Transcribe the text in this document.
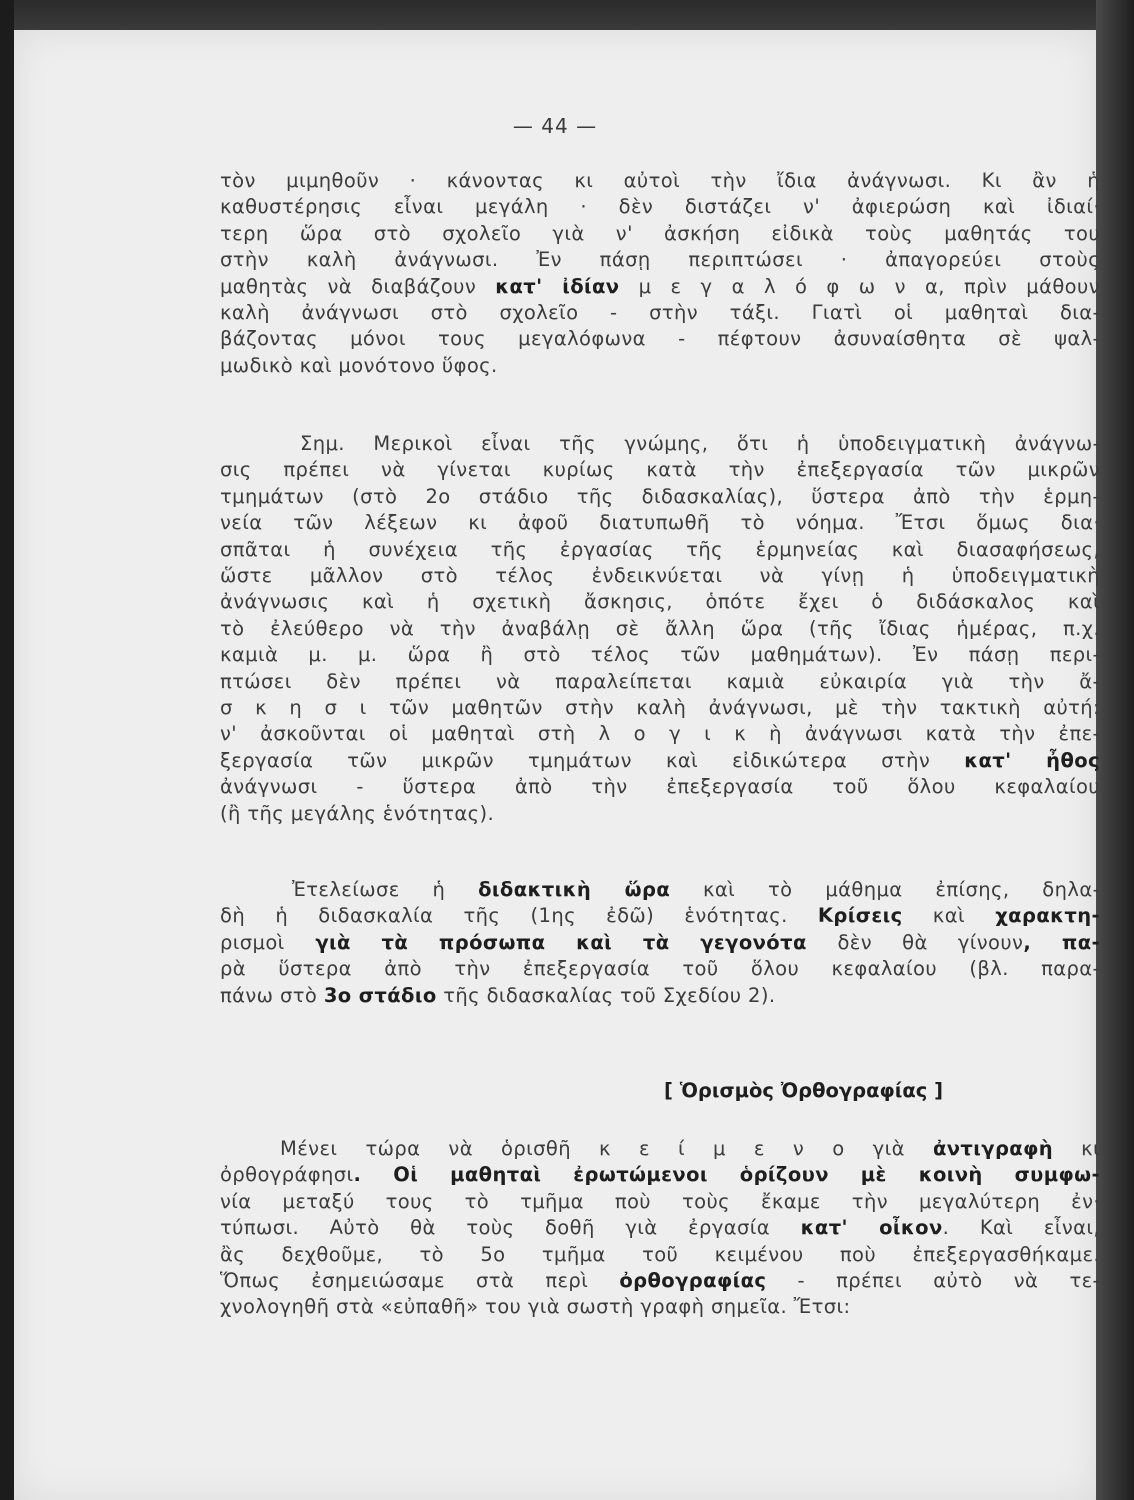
— 44 —
τὸν μιμηθοῦν · κάνοντας κι αὐτοὶ τὴν ἴδια ἀνάγνωσι. Κι ἂν ἡ
καθυστέρησις εἶναι μεγάλη · δὲν διστάζει ν' ἀφιερώση καὶ ἰδιαί·
τερη ὥρα στὸ σχολεῖο γιὰ ν' ἀσκήση εἰδικὰ τοὺς μαθητάς του
στὴν καλὴ ἀνάγνωσι. Ἐν πάσῃ περιπτώσει · ἀπαγορεύει στοὺς
μαθητὰς νὰ διαβάζουν κατ' ἰδίαν μ ε γ α λ ό φ ω ν α, πρὶν μάθουν
καλὴ ἀνάγνωσι στὸ σχολεῖο - στὴν τάξι. Γιατὶ οἱ μαθηταὶ δια-
βάζοντας μόνοι τους μεγαλόφωνα - πέφτουν ἀσυναίσθητα σὲ ψαλ-
μωδικὸ καὶ μονότονο ὕφος.
Σημ. Μερικοὶ εἶναι τῆς γνώμης, ὅτι ἡ ὑποδειγματικὴ ἀνάγνω-
σις πρέπει νὰ γίνεται κυρίως κατὰ τὴν ἐπεξεργασία τῶν μικρῶν
τμημάτων (στὸ 2ο στάδιο τῆς διδασκαλίας), ὕστερα ἀπὸ τὴν ἑρμη-
νεία τῶν λέξεων κι ἀφοῦ διατυπωθῆ τὸ νόημα. Ἔτσι ὅμως δια·
σπᾶται ἡ συνέχεια τῆς ἐργασίας τῆς ἑρμηνείας καὶ διασαφήσεως,
ὥστε μᾶλλον στὸ τέλος ἐνδεικνύεται νὰ γίνῃ ἡ ὑποδειγματικὴ
ἀνάγνωσις καὶ ἡ σχετικὴ ἄσκησις, ὁπότε ἔχει ὁ διδάσκαλος καὶ
τὸ ἐλεύθερο νὰ τὴν ἀναβάλῃ σὲ ἄλλη ὥρα (τῆς ἴδιας ἡμέρας, π.χ.
καμιὰ μ. μ. ὥρα ἢ στὸ τέλος τῶν μαθημάτων). Ἐν πάσῃ περι-
πτώσει δὲν πρέπει νὰ παραλείπεται καμιὰ εὐκαιρία γιὰ τὴν ἄ-
σ κ η σ ι τῶν μαθητῶν στὴν καλὴ ἀνάγνωσι, μὲ τὴν τακτικὴ αὐτή:
ν' ἀσκοῦνται οἱ μαθηταὶ στὴ λ ο γ ι κ ὴ ἀνάγνωσι κατὰ τὴν ἐπε-
ξεργασία τῶν μικρῶν τμημάτων καὶ εἰδικώτερα στὴν κατ' ἦθος
ἀνάγνωσι - ὕστερα ἀπὸ τὴν ἐπεξεργασία τοῦ ὅλου κεφαλαίου
(ἢ τῆς μεγάλης ἑνότητας).
Ἐτελείωσε ἡ διδακτικὴ ὥρα καὶ τὸ μάθημα ἐπίσης, δηλα-
δὴ ἡ διδασκαλία τῆς (1ης ἐδῶ) ἑνότητας. Κρίσεις καὶ χαρακτη-
ρισμοὶ γιὰ τὰ πρόσωπα καὶ τὰ γεγονότα δὲν θὰ γίνουν, πα-
ρὰ ὕστερα ἀπὸ τὴν ἐπεξεργασία τοῦ ὅλου κεφαλαίου (βλ. παρα-
πάνω στὸ 3ο στάδιο τῆς διδασκαλίας τοῦ Σχεδίου 2).
Μένει τώρα νὰ ὁρισθῆ κ ε ί μ ε ν ο γιὰ ἀντιγραφὴ κι
ὀρθογράφησι. Οἱ μαθηταὶ ἐρωτώμενοι ὁρίζουν μὲ κοινὴ συμφω-
νία μεταξύ τους τὸ τμῆμα ποὺ τοὺς ἔκαμε τὴν μεγαλύτερη ἐν·
τύπωσι. Αὐτὸ θὰ τοὺς δοθῆ γιὰ ἐργασία κατ' οἶκον. Καὶ εἶναι,
ἂς δεχθοῦμε, τὸ 5ο τμῆμα τοῦ κειμένου ποὺ ἐπεξεργασθήκαμε.
Ὅπως ἐσημειώσαμε στὰ περὶ ὀρθογραφίας - πρέπει αὐτὸ νὰ τε-
χνολογηθῆ στὰ «εὐπαθῆ» του γιὰ σωστὴ γραφὴ σημεῖα. Ἔτσι:
[ Ὁρισμὸς Ὀρθογραφίας ]
